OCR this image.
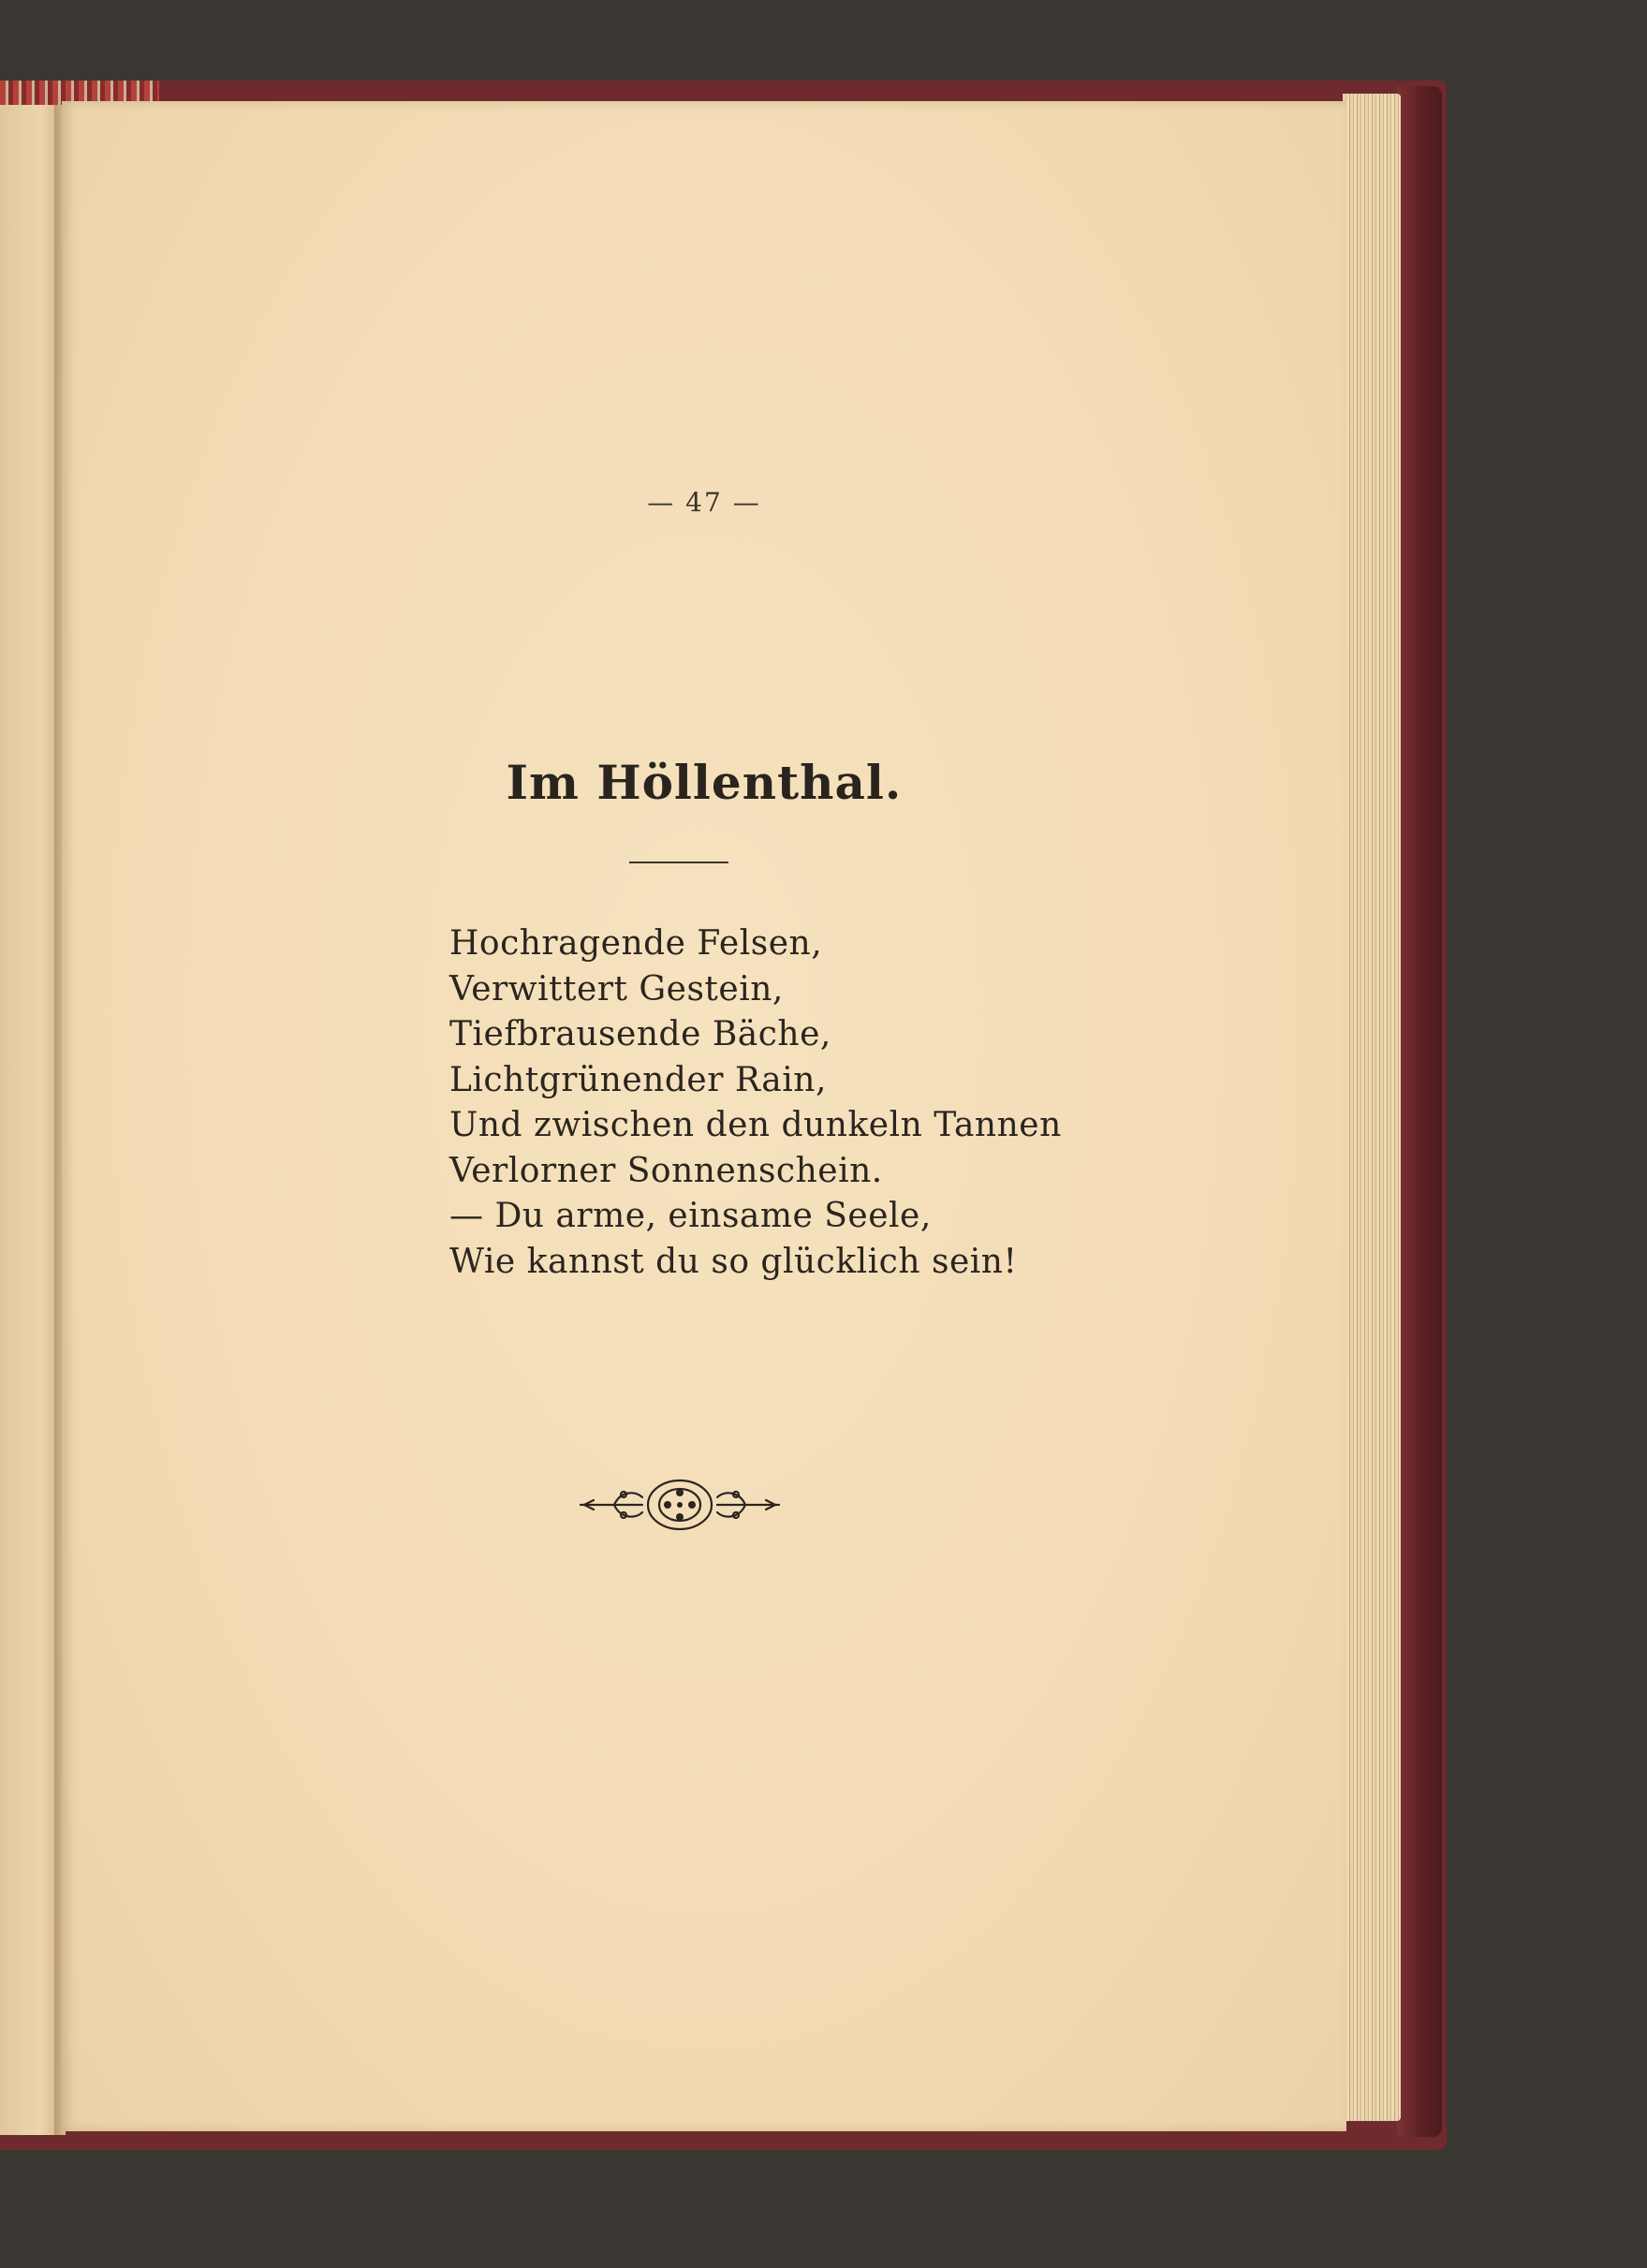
— 47 —
Im Höllenthal.
Hochragende Felsen,
Verwittert Gestein,
Tiefbrausende Bäche,
Lichtgrünender Rain,
Und zwischen den dunkeln Tannen
Verlorner Sonnenschein.
— Du arme, einsame Seele,
Wie kannst du so glücklich sein!
